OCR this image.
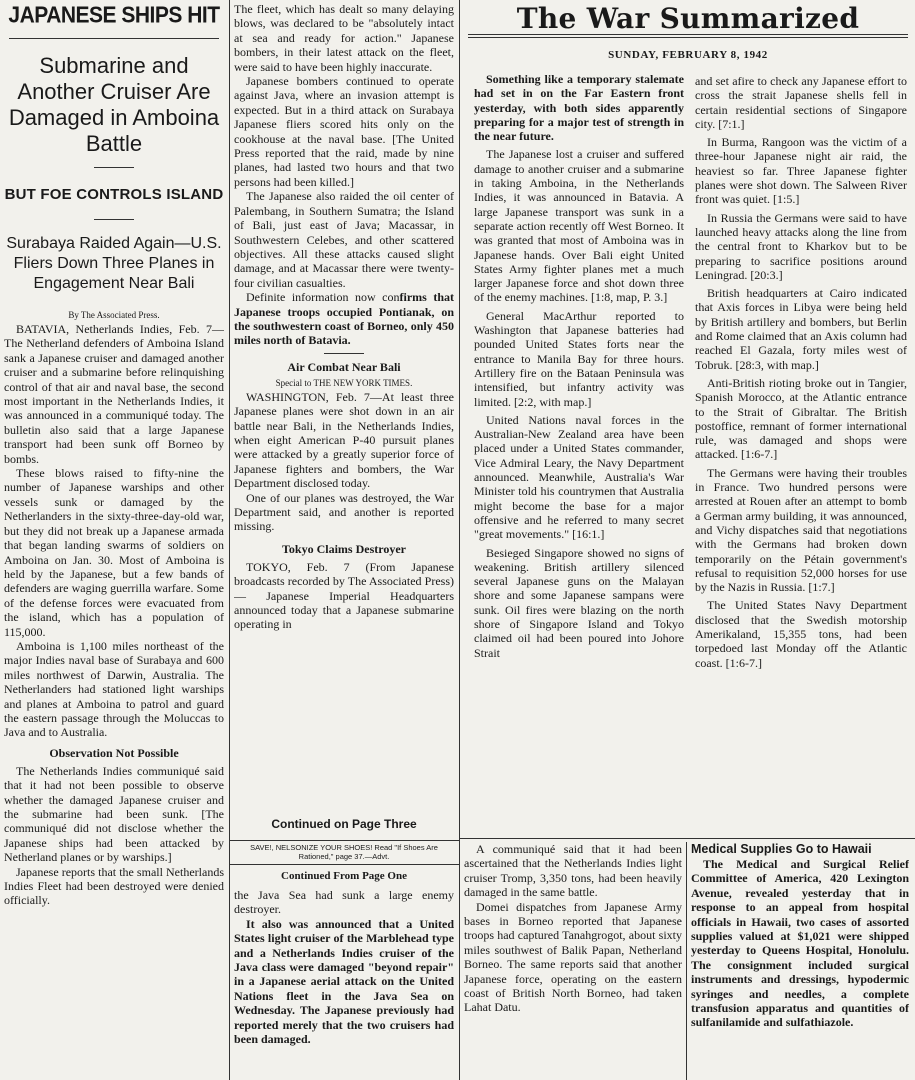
JAPANESE SHIPS HIT
Submarine and Another Cruiser Are Damaged in Amboina Battle
BUT FOE CONTROLS ISLAND
Surabaya Raided Again—U.S. Fliers Down Three Planes in Engagement Near Bali
By The Associated Press.

BATAVIA, Netherlands Indies, Feb. 7—The Netherland defenders of Amboina Island sank a Japanese cruiser and damaged another cruiser and a submarine before relinquishing control of that air and naval base, the second most important in the Netherlands Indies, it was announced in a communiqué today. The bulletin also said that a large Japanese transport had been sunk off Borneo by bombs.

These blows raised to fifty-nine the number of Japanese warships and other vessels sunk or damaged by the Netherlanders in the sixty-three-day-old war, but they did not break up a Japanese armada that began landing swarms of soldiers on Amboina on Jan. 30. Most of Amboina is held by the Japanese, but a few bands of defenders are waging guerrilla warfare. Some of the defense forces were evacuated from the island, which has a population of 115,000.

Amboina is 1,100 miles northeast of the major Indies naval base of Surabaya and 600 miles northwest of Darwin, Australia. The Netherlanders had stationed light warships and planes at Amboina to patrol and guard the eastern passage through the Moluccas to Java and to Australia.

Observation Not Possible

The Netherlands Indies communiqué said that it had not been possible to observe whether the damaged Japanese cruiser and the submarine had been sunk. [The communiqué did not disclose whether the Japanese ships had been attacked by Netherland planes or by warships.]

Japanese reports that the small Netherlands Indies Fleet had been destroyed were denied officially.

The fleet, which has dealt so many delaying blows, was declared to be "absolutely intact at sea and ready for action." Japanese bombers, in their latest attack on the fleet, were said to have been highly inaccurate.

Japanese bombers continued to operate against Java, where an invasion attempt is expected. But in a third attack on Surabaya Japanese fliers scored hits only on the cookhouse at the naval base. [The United Press reported that the raid, made by nine planes, had lasted two hours and that two persons had been killed.]

The Japanese also raided the oil center of Palembang, in Southern Sumatra; the Island of Bali, just east of Java; Macassar, in Southwestern Celebes, and other scattered objectives. All these attacks caused slight damage, and at Macassar there were twenty-four civilian casualties.

Definite information now confirms that Japanese troops occupied Pontianak, on the southwestern coast of Borneo, only 450 miles north of Batavia.

Air Combat Near Bali
Special to THE NEW YORK TIMES.

WASHINGTON, Feb. 7—At least three Japanese planes were shot down in an air battle near Bali, in the Netherlands Indies, when eight American P-40 pursuit planes were attacked by a greatly superior force of Japanese fighters and bombers, the War Department disclosed today.

One of our planes was destroyed, the War Department said, and another is reported missing.

Tokyo Claims Destroyer

TOKYO, Feb. 7 (From Japanese broadcasts recorded by The Associated Press) — Japanese Imperial Headquarters announced today that a Japanese submarine operating in

Continued on Page Three
SAVE!, NELSONIZE YOUR SHOES! Read "If Shoes Are Rationed," page 37.—Advt.
Continued From Page One

the Java Sea had sunk a large enemy destroyer.

It also was announced that a United States light cruiser of the Marblehead type and a Netherlands Indies cruiser of the Java class were damaged "beyond repair" in a Japanese aerial attack on the United Nations fleet in the Java Sea on Wednesday. The Japanese previously had reported merely that the two cruisers had been damaged.

The War Summarized
SUNDAY, FEBRUARY 8, 1942

Something like a temporary stalemate had set in on the Far Eastern front yesterday, with both sides apparently preparing for a major test of strength in the near future.

The Japanese lost a cruiser and suffered damage to another cruiser and a submarine in taking Amboina, in the Netherlands Indies, it was announced in Batavia. A large Japanese transport was sunk in a separate action recently off West Borneo. It was granted that most of Amboina was in Japanese hands. Over Bali eight United States Army fighter planes met a much larger Japanese force and shot down three of the enemy machines. [1:8, map, P. 3.]

General MacArthur reported to Washington that Japanese batteries had pounded United States forts near the entrance to Manila Bay for three hours. Artillery fire on the Bataan Peninsula was intensified, but infantry activity was limited. [2:2, with map.]

United Nations naval forces in the Australian-New Zealand area have been placed under a United States commander, Vice Admiral Leary, the Navy Department announced. Meanwhile, Australia's War Minister told his countrymen that Australia might become the base for a major offensive and he referred to many secret "great movements." [16:1.]

Besieged Singapore showed no signs of weakening. British artillery silenced several Japanese guns on the Malayan shore and some Japanese sampans were sunk. Oil fires were blazing on the north shore of Singapore Island and Tokyo claimed oil had been poured into Johore Strait

and set afire to check any Japanese effort to cross the strait Japanese shells fell in certain residential sections of Singapore city. [7:1.]

In Burma, Rangoon was the victim of a three-hour Japanese night air raid, the heaviest so far. Three Japanese fighter planes were shot down. The Salween River front was quiet. [1:5.]

In Russia the Germans were said to have launched heavy attacks along the line from the central front to Kharkov but to be preparing to sacrifice positions around Leningrad. [20:3.]

British headquarters at Cairo indicated that Axis forces in Libya were being held by British artillery and bombers, but Berlin and Rome claimed that an Axis column had reached El Gazala, forty miles west of Tobruk. [28:3, with map.]

Anti-British rioting broke out in Tangier, Spanish Morocco, at the Atlantic entrance to the Strait of Gibraltar. The British postoffice, remnant of former international rule, was damaged and shops were attacked. [1:6-7.]

The Germans were having their troubles in France. Two hundred persons were arrested at Rouen after an attempt to bomb a German army building, it was announced, and Vichy dispatches said that negotiations with the Germans had broken down temporarily on the Pétain government's refusal to requisition 52,000 horses for use by the Nazis in Russia. [1:7.]

The United States Navy Department disclosed that the Swedish motorship Amerikaland, 15,355 tons, had been torpedoed last Monday off the Atlantic coast. [1:6-7.]

A communiqué said that it had been ascertained that the Netherlands Indies light cruiser Tromp, 3,350 tons, had been heavily damaged in the same battle.

Domei dispatches from Japanese Army bases in Borneo reported that Japanese troops had captured Tanahgrogot, about sixty miles southwest of Balik Papan, Netherland Borneo. The same reports said that another Japanese force, operating on the eastern coast of British North Borneo, had taken Lahat Datu.

Medical Supplies Go to Hawaii

The Medical and Surgical Relief Committee of America, 420 Lexington Avenue, revealed yesterday that in response to an appeal from hospital officials in Hawaii, two cases of assorted supplies valued at $1,021 were shipped yesterday to Queens Hospital, Honolulu. The consignment included surgical instruments and dressings, hypodermic syringes and needles, a complete transfusion apparatus and quantities of sulfanilamide and sulfathiazole.
